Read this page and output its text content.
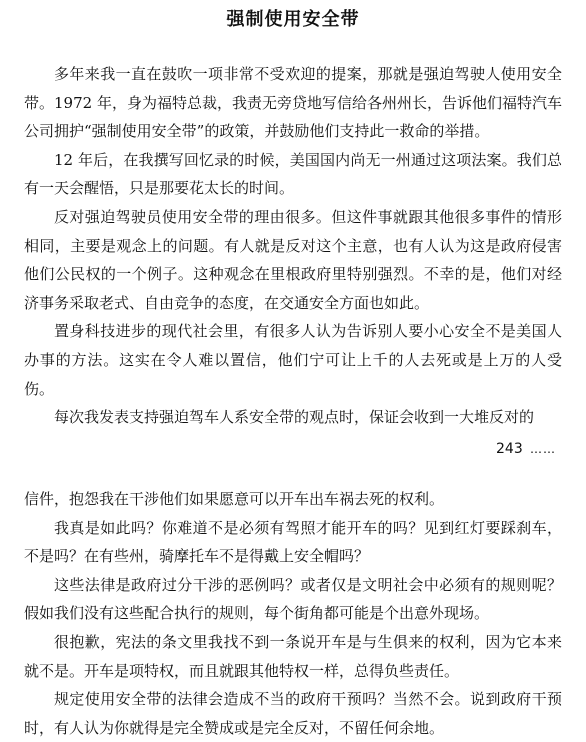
强制使用安全带

多年来我一直在鼓吹一项非常不受欢迎的提案，那就是强迫驾驶人使用安全带。1972 年，身为福特总裁，我责无旁贷地写信给各州州长，告诉他们福特汽车公司拥护“强制使用安全带”的政策，并鼓励他们支持此一救命的举措。

12 年后，在我撰写回忆录的时候，美国国内尚无一州通过这项法案。我们总有一天会醒悟，只是那要花太长的时间。

反对强迫驾驶员使用安全带的理由很多。但这件事就跟其他很多事件的情形相同，主要是观念上的问题。有人就是反对这个主意，也有人认为这是政府侵害他们公民权的一个例子。这种观念在里根政府里特别强烈。不幸的是，他们对经济事务采取老式、自由竞争的态度，在交通安全方面也如此。

置身科技进步的现代社会里，有很多人认为告诉别人要小心安全不是美国人办事的方法。这实在令人难以置信，他们宁可让上千的人去死或是上万的人受伤。

每次我发表支持强迫驾车人系安全带的观点时，保证会收到一大堆反对的

243 ……

信件，抱怨我在干涉他们如果愿意可以开车出车祸去死的权利。

我真是如此吗？你难道不是必须有驾照才能开车的吗？见到红灯要踩刹车，不是吗？在有些州，骑摩托车不是得戴上安全帽吗？

这些法律是政府过分干涉的恶例吗？或者仅是文明社会中必须有的规则呢？假如我们没有这些配合执行的规则，每个街角都可能是个出意外现场。

很抱歉，宪法的条文里我找不到一条说开车是与生俱来的权利，因为它本来就不是。开车是项特权，而且就跟其他特权一样，总得负些责任。

规定使用安全带的法律会造成不当的政府干预吗？当然不会。说到政府干预时，有人认为你就得是完全赞成或是完全反对，不留任何余地。
